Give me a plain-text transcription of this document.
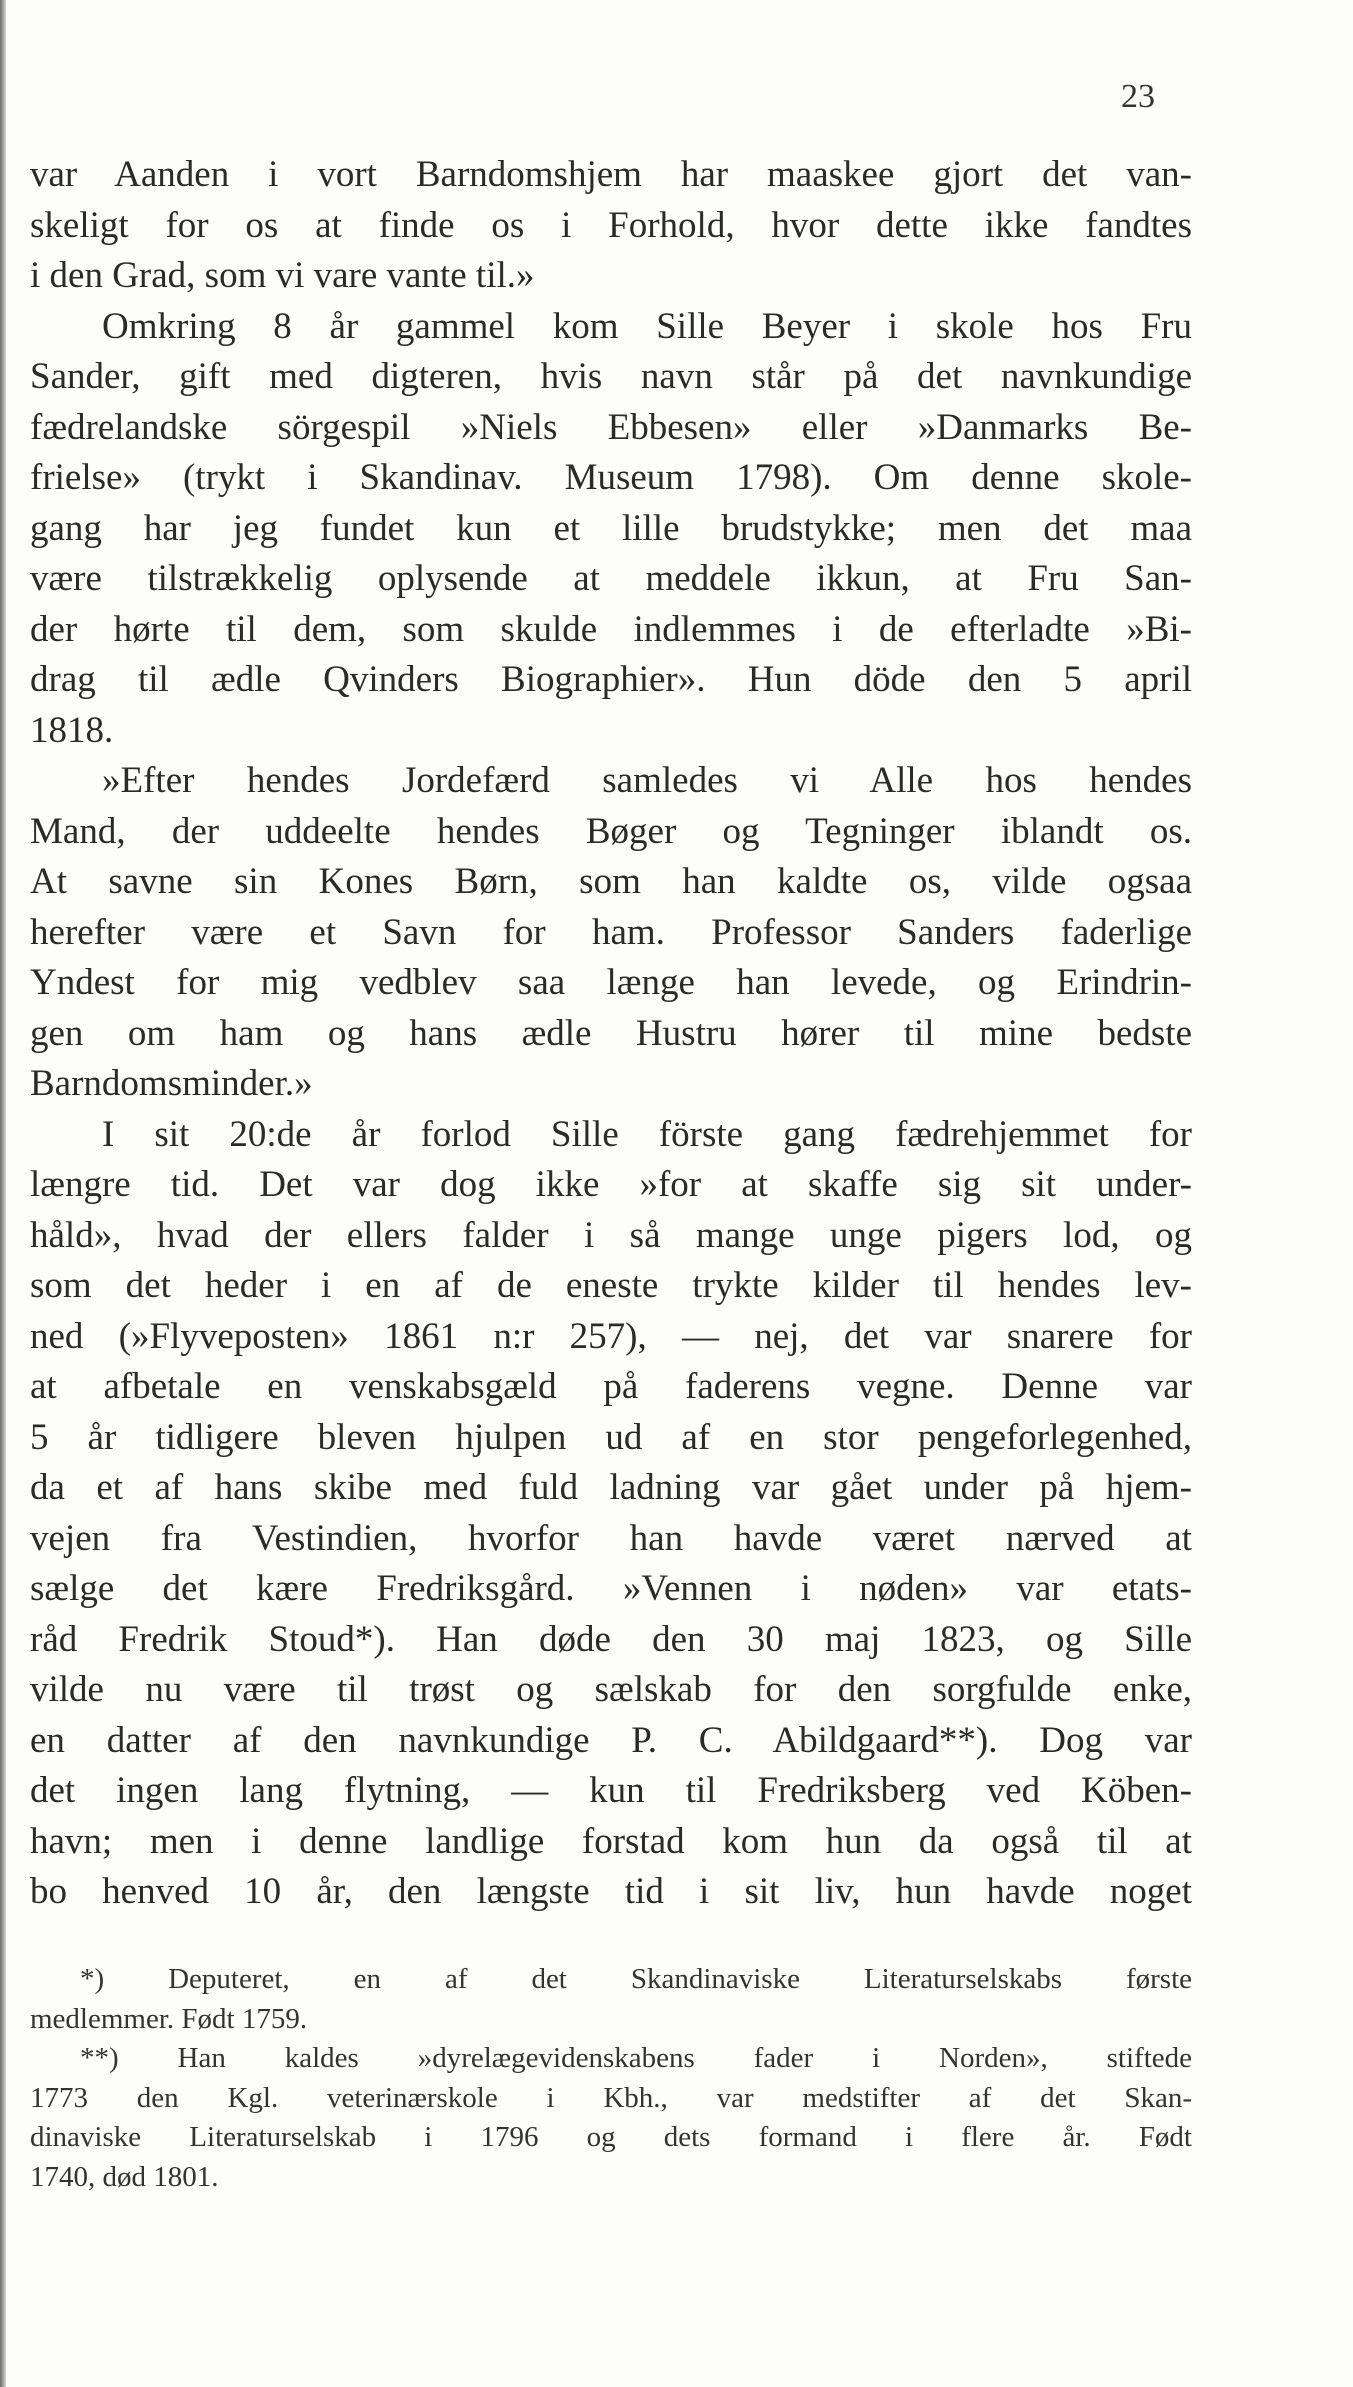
23
var Aanden i vort Barndomshjem har maaskee gjort det van-
skeligt for os at finde os i Forhold, hvor dette ikke fandtes
i den Grad, som vi vare vante til.»
Omkring 8 år gammel kom Sille Beyer i skole hos Fru
Sander, gift med digteren, hvis navn står på det navnkundige
fædrelandske sörgespil »Niels Ebbesen» eller »Danmarks Be-
frielse» (trykt i Skandinav. Museum 1798). Om denne skole-
gang har jeg fundet kun et lille brudstykke; men det maa
være tilstrækkelig oplysende at meddele ikkun, at Fru San-
der hørte til dem, som skulde indlemmes i de efterladte »Bi-
drag til ædle Qvinders Biographier». Hun döde den 5 april
1818.
»Efter hendes Jordefærd samledes vi Alle hos hendes
Mand, der uddeelte hendes Bøger og Tegninger iblandt os.
At savne sin Kones Børn, som han kaldte os, vilde ogsaa
herefter være et Savn for ham. Professor Sanders faderlige
Yndest for mig vedblev saa længe han levede, og Erindrin-
gen om ham og hans ædle Hustru hører til mine bedste
Barndomsminder.»
I sit 20:de år forlod Sille förste gang fædrehjemmet for
længre tid. Det var dog ikke »for at skaffe sig sit under-
håld», hvad der ellers falder i så mange unge pigers lod, og
som det heder i en af de eneste trykte kilder til hendes lev-
ned (»Flyveposten» 1861 n:r 257), — nej, det var snarere for
at afbetale en venskabsgæld på faderens vegne. Denne var
5 år tidligere bleven hjulpen ud af en stor pengeforlegenhed,
da et af hans skibe med fuld ladning var gået under på hjem-
vejen fra Vestindien, hvorfor han havde været nærved at
sælge det kære Fredriksgård. »Vennen i nøden» var etats-
råd Fredrik Stoud*). Han døde den 30 maj 1823, og Sille
vilde nu være til trøst og sælskab for den sorgfulde enke,
en datter af den navnkundige P. C. Abildgaard**). Dog var
det ingen lang flytning, — kun til Fredriksberg ved Köben-
havn; men i denne landlige forstad kom hun da også til at
bo henved 10 år, den længste tid i sit liv, hun havde noget
*) Deputeret, en af det Skandinaviske Literaturselskabs første
medlemmer. Født 1759.
**) Han kaldes »dyrelægevidenskabens fader i Norden», stiftede
1773 den Kgl. veterinærskole i Kbh., var medstifter af det Skan-
dinaviske Literaturselskab i 1796 og dets formand i flere år. Født
1740, død 1801.
